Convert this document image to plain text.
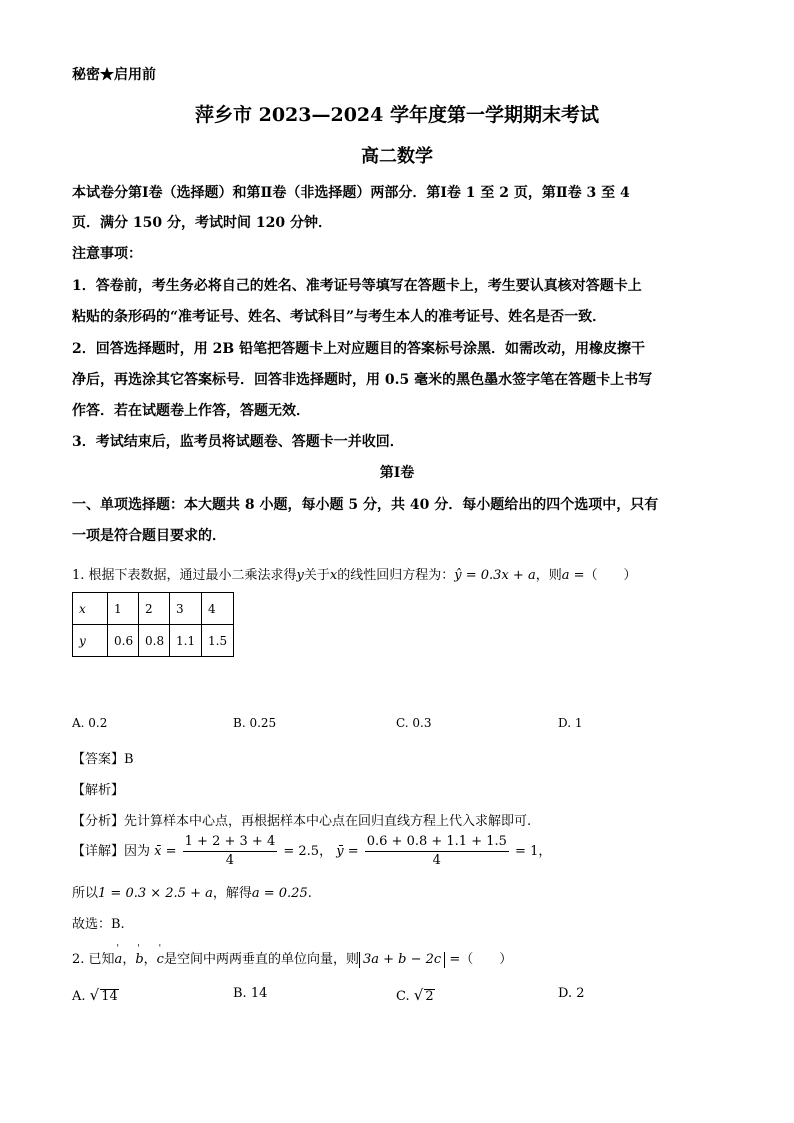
秘密★启用前
萍乡市 2023—2024 学年度第一学期期末考试
高二数学
本试卷分第Ⅰ卷（选择题）和第Ⅱ卷（非选择题）两部分．第Ⅰ卷 1 至 2 页，第Ⅱ卷 3 至 4
页．满分 150 分，考试时间 120 分钟．
注意事项：
1．答卷前，考生务必将自己的姓名、准考证号等填写在答题卡上，考生要认真核对答题卡上
粘贴的条形码的“准考证号、姓名、考试科目”与考生本人的准考证号、姓名是否一致．
2．回答选择题时，用 2B 铅笔把答题卡上对应题目的答案标号涂黑．如需改动，用橡皮擦干
净后，再选涂其它答案标号．回答非选择题时，用 0.5 毫米的黑色墨水签字笔在答题卡上书写
作答．若在试题卷上作答，答题无效．
3．考试结束后，监考员将试题卷、答题卡一并收回．
第Ⅰ卷
一、单项选择题：本大题共 8 小题，每小题 5 分，共 40 分．每小题给出的四个选项中，只有
一项是符合题目要求的．
1. 根据下表数据，通过最小二乘法求得y关于x的线性回归方程为：ŷ = 0.3x + a，则a =（　　）
x	1	2	3	4
y	0.6	0.8	1.1	1.5
A. 0.2	B. 0.25	C. 0.3	D. 1
【答案】B
【解析】
【分析】先计算样本中心点，再根据样本中心点在回归直线方程上代入求解即可.
【详解】因为 x̄ = $\frac{1 + 2 + 3 + 4}{4} = 2.5$， ȳ = $\frac{0.6 + 0.8 + 1.1 + 1.5}{4} = 1$，
所以1 = 0.3 × 2.5 + a，解得a = 0.25.
故选：B.
2. 已知' a，' b，' c是空间中两两垂直的单位向量，则 3a + b − 2c =（　　）
A. √ 14	B. 14	C. √ 2	D. 2
